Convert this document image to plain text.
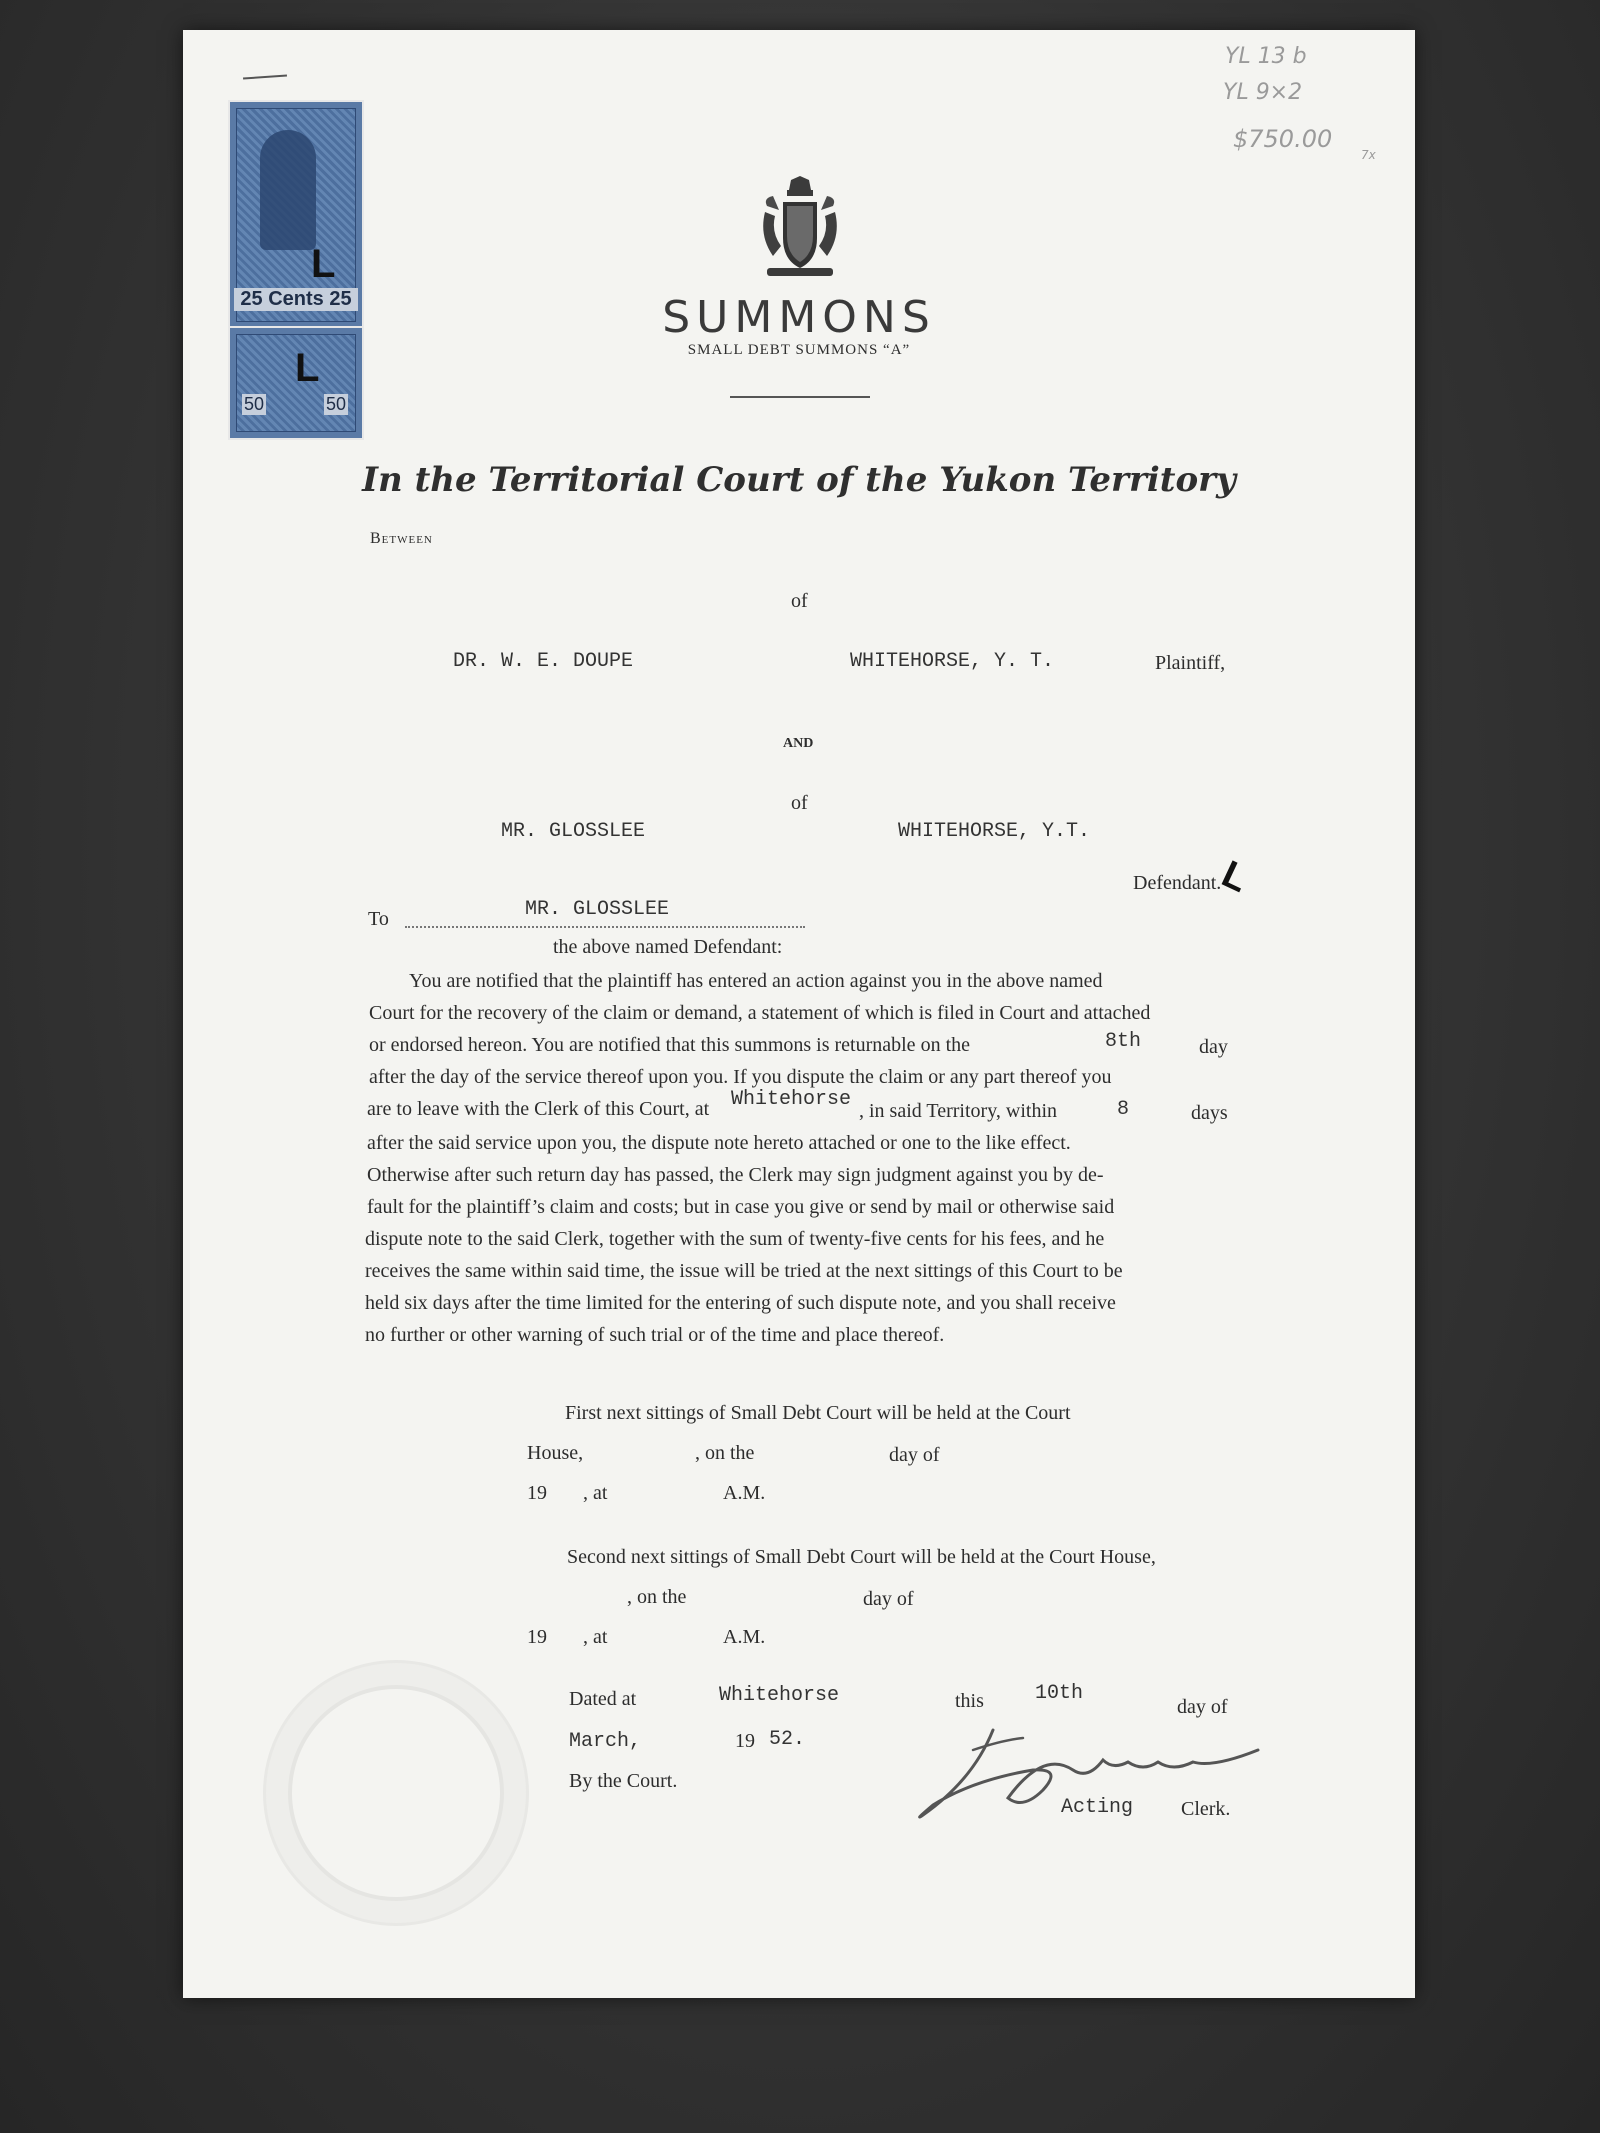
YL 13 b
YL 9×2
$750.00
7x
25 Cents 25
50	50
L
L
SUMMONS
SMALL DEBT SUMMONS “A”
In the Territorial Court of the Yukon Territory
Between
of
DR. W. E. DOUPE	WHITEHORSE, Y. T.	Plaintiff,
AND
of
MR. GLOSSLEE	WHITEHORSE, Y.T.
Defendant.
L
To	MR. GLOSSLEE
the above named Defendant:
You are notified that the plaintiff has entered an action against you in the above named
Court for the recovery of the claim or demand, a statement of which is filed in Court and attached
or endorsed hereon. You are notified that this summons is returnable on the	8th	day
after the day of the service thereof upon you. If you dispute the claim or any part thereof you
are to leave with the Clerk of this Court, at Whitehorse , in said Territory, within	8	days
after the said service upon you, the dispute note hereto attached or one to the like effect.
Otherwise after such return day has passed, the Clerk may sign judgment against you by de-
fault for the plaintiff’s claim and costs; but in case you give or send by mail or otherwise said
dispute note to the said Clerk, together with the sum of twenty-five cents for his fees, and he
receives the same within said time, the issue will be tried at the next sittings of this Court to be
held six days after the time limited for the entering of such dispute note, and you shall receive
no further or other warning of such trial or of the time and place thereof.
First next sittings of Small Debt Court will be held at the Court
House,	, on the	day of
19 , at	A.M.
Second next sittings of Small Debt Court will be held at the Court House,
, on the	day of
19 , at	A.M.
Dated at	Whitehorse	this	10th
day of
March,	19 52.
By the Court.
Acting Clerk.
